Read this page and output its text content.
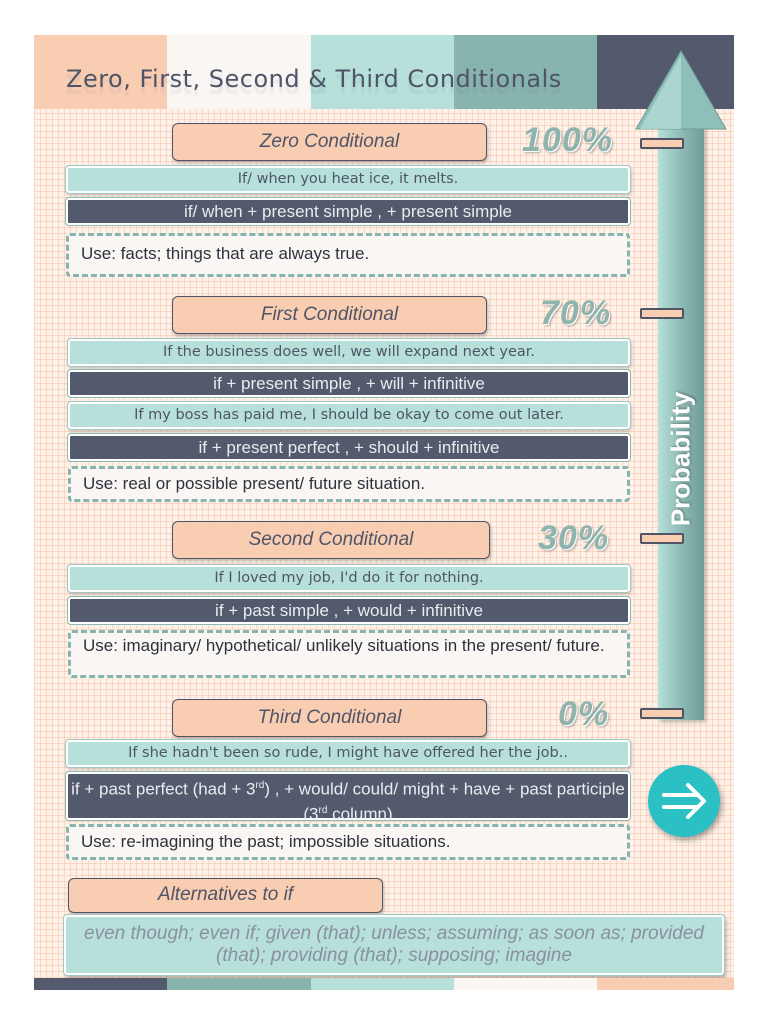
Zero, First, Second & Third Conditionals
Probability
Zero Conditional	100%
If/ when you heat ice, it melts.
if/ when + present simple , + present simple
Use: facts; things that are always true.
First Conditional	70%
If the business does well, we will expand next year.
if + present simple , + will + infinitive
If my boss has paid me, I should be okay to come out later.
if + present perfect , + should + infinitive
Use: real or possible present/ future situation.
Second Conditional	30%
If I loved my job, I'd do it for nothing.
if + past simple , + would + infinitive
Use: imaginary/ hypothetical/ unlikely situations in the present/ future.
Third Conditional	0%
If she hadn't been so rude, I might have offered her the job..
if + past perfect (had + 3rd) , + would/ could/ might + have + past participle (3rd column)
Use: re-imagining the past; impossible situations.
Alternatives to if
even though; even if; given (that); unless; assuming; as soon as; provided (that); providing (that); supposing; imagine
